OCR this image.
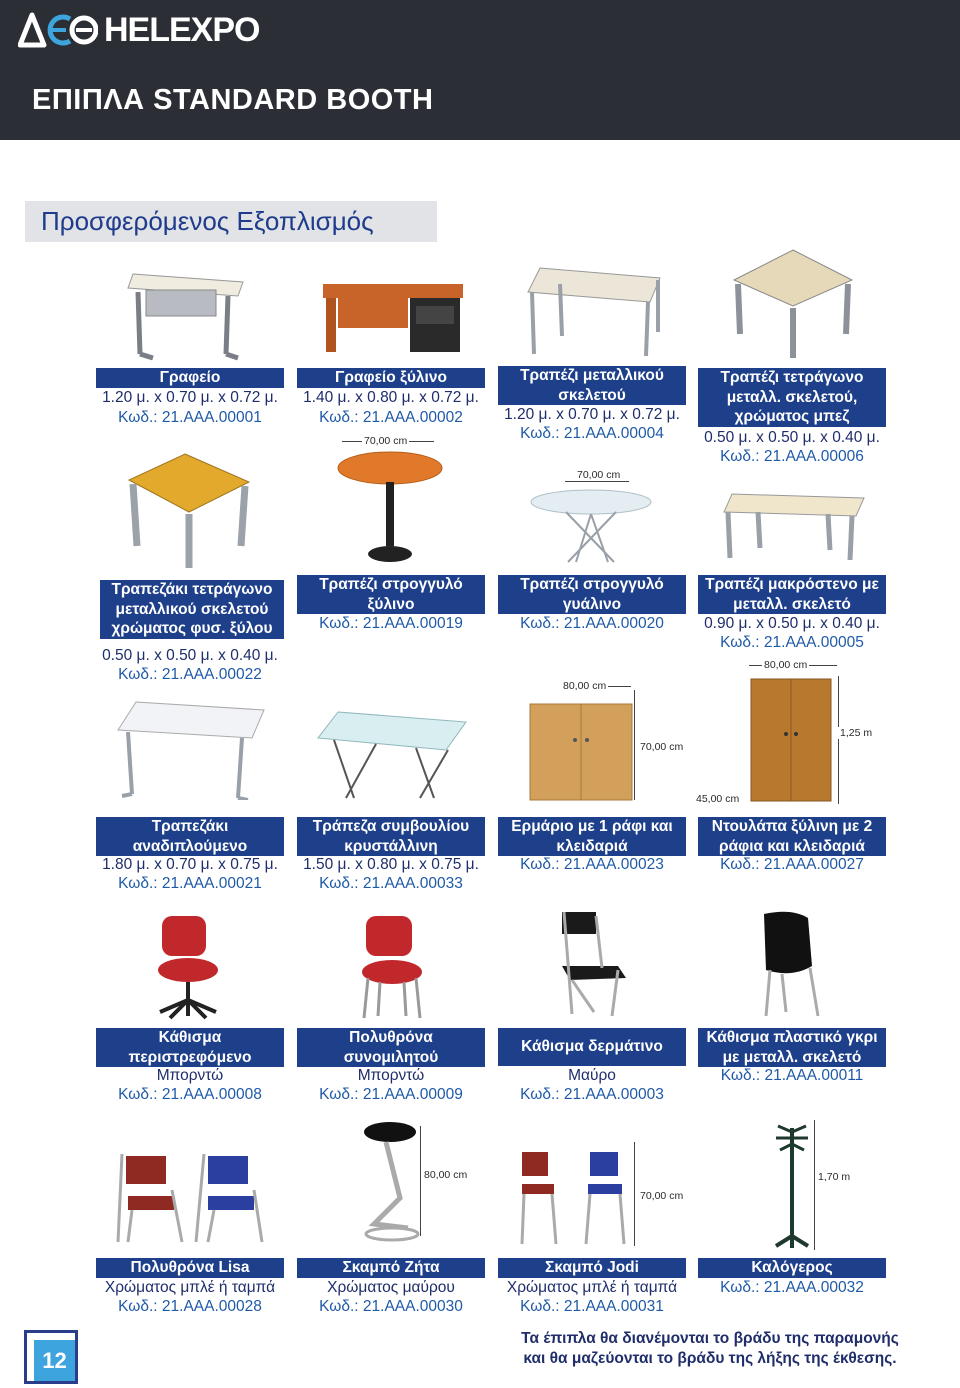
HELEXPO
ΕΠΙΠΛΑ STANDARD BOOTH
Προσφερόμενος Εξοπλισμός
Γραφείο
1.20 μ. x 0.70 μ. x 0.72 μ.
Κωδ.: 21.ΑΑΑ.00001
Γραφείο ξύλινο
1.40 μ. x 0.80 μ. x 0.72 μ.
Κωδ.: 21.ΑΑΑ.00002
Τραπέζι μεταλλικού σκελετού
1.20 μ. x 0.70 μ. x 0.72 μ.
Κωδ.: 21.ΑΑΑ.00004
Τραπέζι τετράγωνο μεταλλ. σκελετού, χρώματος μπεζ
0.50 μ. x 0.50 μ. x 0.40 μ.
Κωδ.: 21.ΑΑΑ.00006
70,00 cm
70,00 cm
Τραπεζάκι τετράγωνο μεταλλικού σκελετού χρώματος φυσ. ξύλου
0.50 μ. x 0.50 μ. x 0.40 μ.
Κωδ.: 21.ΑΑΑ.00022
Τραπέζι στρογγυλό ξύλινο
Κωδ.: 21.ΑΑΑ.00019
Τραπέζι στρογγυλό γυάλινο
Κωδ.: 21.ΑΑΑ.00020
Τραπέζι μακρόστενο με μεταλλ. σκελετό
0.90 μ. x 0.50 μ. x 0.40 μ.
Κωδ.: 21.ΑΑΑ.00005
80,00 cm
70,00 cm
80,00 cm
1,25 m
45,00 cm
Τραπεζάκι αναδιπλούμενο
1.80 μ. x 0.70 μ. x 0.75 μ.
Κωδ.: 21.ΑΑΑ.00021
Τράπεζα συμβουλίου κρυστάλλινη
1.50 μ. x 0.80 μ. x 0.75 μ.
Κωδ.: 21.ΑΑΑ.00033
Ερμάριο με 1 ράφι και κλειδαριά
Κωδ.: 21.ΑΑΑ.00023
Ντουλάπα ξύλινη με 2 ράφια και κλειδαριά
Κωδ.: 21.ΑΑΑ.00027
Κάθισμα περιστρεφόμενο
Μπορντώ
Κωδ.: 21.ΑΑΑ.00008
Πολυθρόνα συνομιλητού
Μπορντώ
Κωδ.: 21.ΑΑΑ.00009
Κάθισμα δερμάτινο
Μαύρο
Κωδ.: 21.ΑΑΑ.00003
Κάθισμα πλαστικό γκρι με μεταλλ. σκελετό
Κωδ.: 21.ΑΑΑ.00011
80,00 cm
70,00 cm
1,70 m
Πολυθρόνα Lisa
Χρώματος μπλέ ή ταμπά
Κωδ.: 21.ΑΑΑ.00028
Σκαμπό Ζήτα
Χρώματος μαύρου
Κωδ.: 21.ΑΑΑ.00030
Σκαμπό Jodi
Χρώματος μπλέ ή ταμπά
Κωδ.: 21.ΑΑΑ.00031
Καλόγερος
Κωδ.: 21.ΑΑΑ.00032
12
Τα έπιπλα θα διανέμονται το βράδυ της παραμονής
και θα μαζεύονται το βράδυ της λήξης της έκθεσης.
